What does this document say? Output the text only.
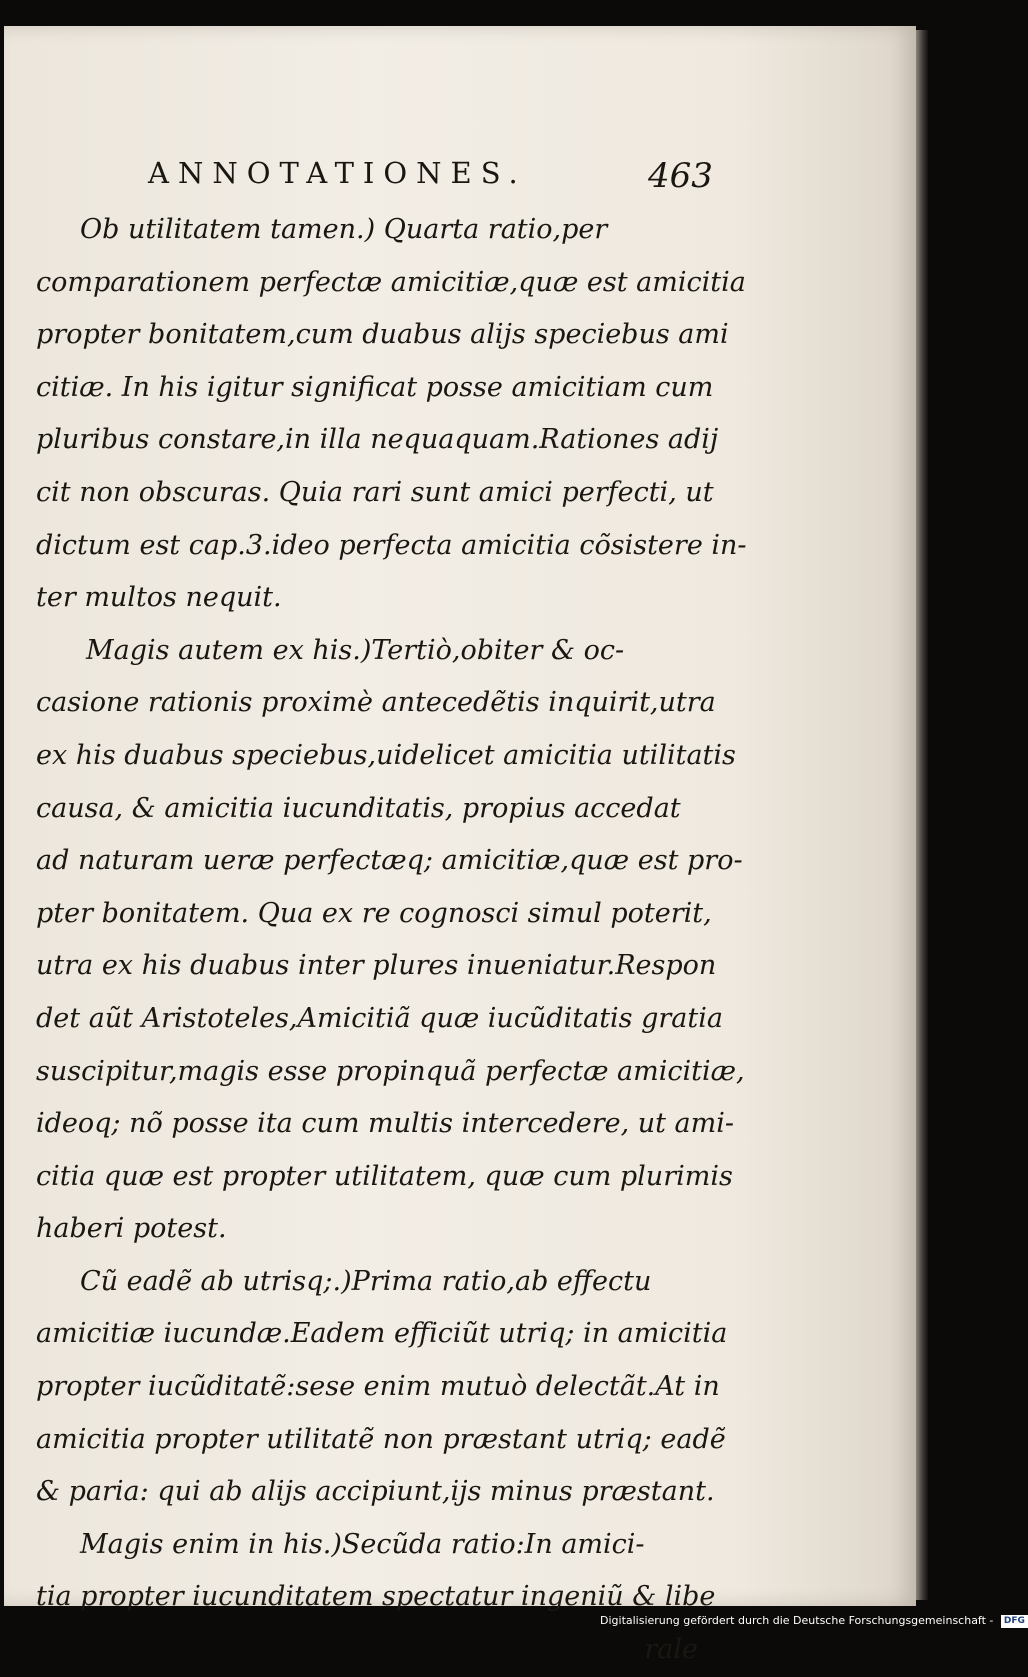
ANNOTATIONES.	463
Ob utilitatem tamen.) Quarta ratio,per
comparationem perfectæ amicitiæ,quæ est amicitia
propter bonitatem,cum duabus alijs speciebus ami
citiæ. In his igitur significat posse amicitiam cum
pluribus constare,in illa nequaquam.Rationes adij
cit non obscuras. Quia rari sunt amici perfecti, ut
dictum est cap.3.ideo perfecta amicitia cõsistere in-
ter multos nequit.
Magis autem ex his.)Tertiò,obiter & oc-
casione rationis proximè antecedẽtis inquirit,utra
ex his duabus speciebus,uidelicet amicitia utilitatis
causa, & amicitia iucunditatis, propius accedat
ad naturam ueræ perfectæq; amicitiæ,quæ est pro-
pter bonitatem. Qua ex re cognosci simul poterit,
utra ex his duabus inter plures inueniatur.Respon
det aũt Aristoteles,Amicitiã quæ iucũditatis gratia
suscipitur,magis esse propinquã perfectæ amicitiæ,
ideoq; nõ posse ita cum multis intercedere, ut ami-
citia quæ est propter utilitatem, quæ cum plurimis
haberi potest.
Cũ eadẽ ab utrisq;.)Prima ratio,ab effectu
amicitiæ iucundæ.Eadem efficiũt utriq; in amicitia
propter iucũditatẽ:sese enim mutuò delectãt.At in
amicitia propter utilitatẽ non præstant utriq; eadẽ
& paria: qui ab alijs accipiunt,ijs minus præstant.
Magis enim in his.)Secũda ratio:In amici-
tia propter iucunditatem spectatur ingeniũ & libe
rale
Digitalisierung gefördert durch die Deutsche Forschungsgemeinschaft - DFG
